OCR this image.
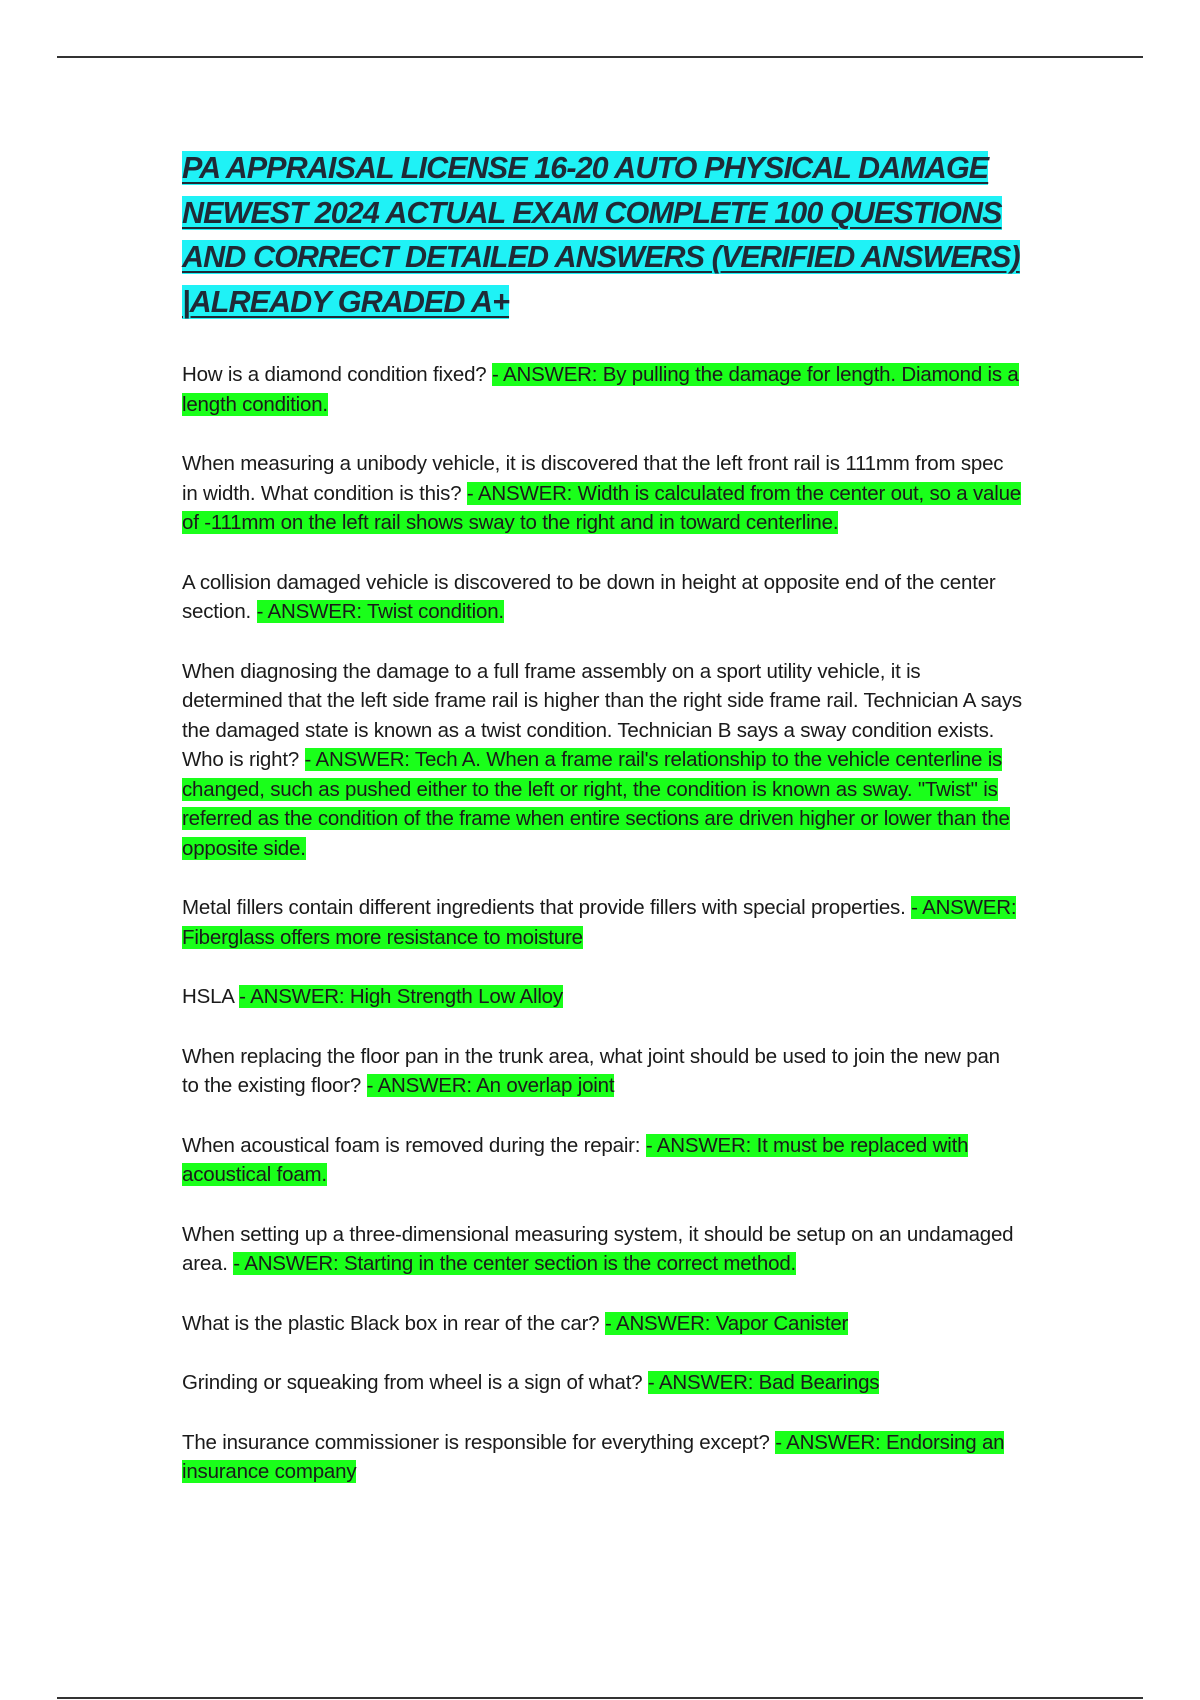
PA APPRAISAL LICENSE 16-20 AUTO PHYSICAL DAMAGE NEWEST 2024 ACTUAL EXAM COMPLETE 100 QUESTIONS AND CORRECT DETAILED ANSWERS (VERIFIED ANSWERS) |ALREADY GRADED A+

How is a diamond condition fixed? - ANSWER: By pulling the damage for length. Diamond is a length condition.

When measuring a unibody vehicle, it is discovered that the left front rail is 111mm from spec in width. What condition is this? - ANSWER: Width is calculated from the center out, so a value of -111mm on the left rail shows sway to the right and in toward centerline.

A collision damaged vehicle is discovered to be down in height at opposite end of the center section. - ANSWER: Twist condition.

When diagnosing the damage to a full frame assembly on a sport utility vehicle, it is determined that the left side frame rail is higher than the right side frame rail. Technician A says the damaged state is known as a twist condition. Technician B says a sway condition exists. Who is right? - ANSWER: Tech A. When a frame rail's relationship to the vehicle centerline is changed, such as pushed either to the left or right, the condition is known as sway. "Twist" is referred as the condition of the frame when entire sections are driven higher or lower than the opposite side.

Metal fillers contain different ingredients that provide fillers with special properties. - ANSWER: Fiberglass offers more resistance to moisture

HSLA - ANSWER: High Strength Low Alloy

When replacing the floor pan in the trunk area, what joint should be used to join the new pan to the existing floor? - ANSWER: An overlap joint

When acoustical foam is removed during the repair: - ANSWER: It must be replaced with acoustical foam.

When setting up a three-dimensional measuring system, it should be setup on an undamaged area. - ANSWER: Starting in the center section is the correct method.

What is the plastic Black box in rear of the car? - ANSWER: Vapor Canister

Grinding or squeaking from wheel is a sign of what? - ANSWER: Bad Bearings

The insurance commissioner is responsible for everything except? - ANSWER: Endorsing an insurance company
